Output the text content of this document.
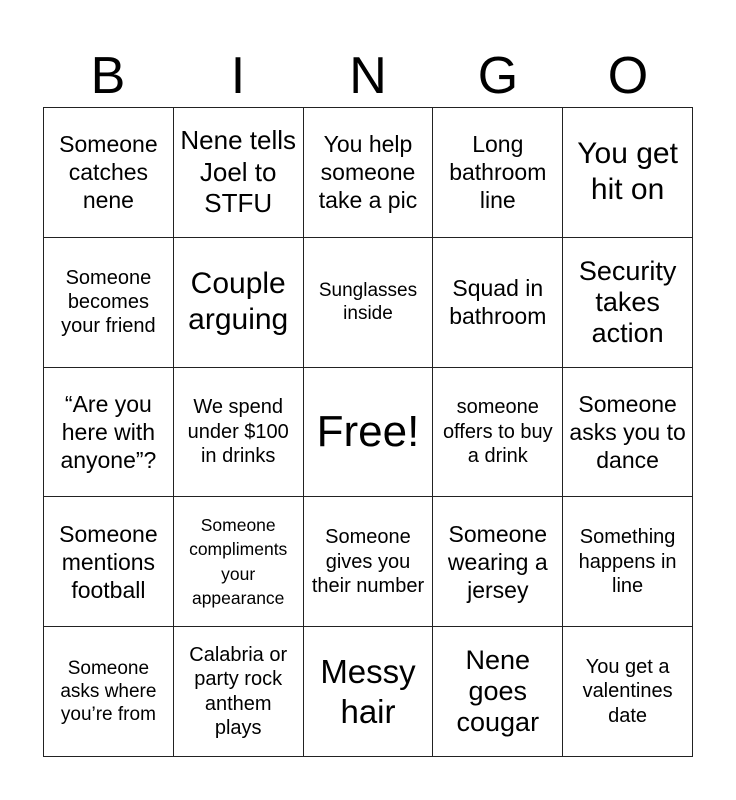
B	I	N	G	O
Someone catches nene
Nene tells Joel to STFU
You help someone take a pic
Long bathroom line
You get hit on
Someone becomes your friend
Couple arguing
Sunglasses inside
Squad in bathroom
Security takes action
“Are you here with anyone”?
We spend under $100 in drinks
Free!	someone offers to buy a drink
Someone asks you to dance
Someone mentions football
Someone compliments your appearance
Someone gives you their number
Someone wearing a jersey
Something happens in line
Someone asks where you’re from
Calabria or party rock anthem plays
Messy hair
Nene goes cougar
You get a valentines date
